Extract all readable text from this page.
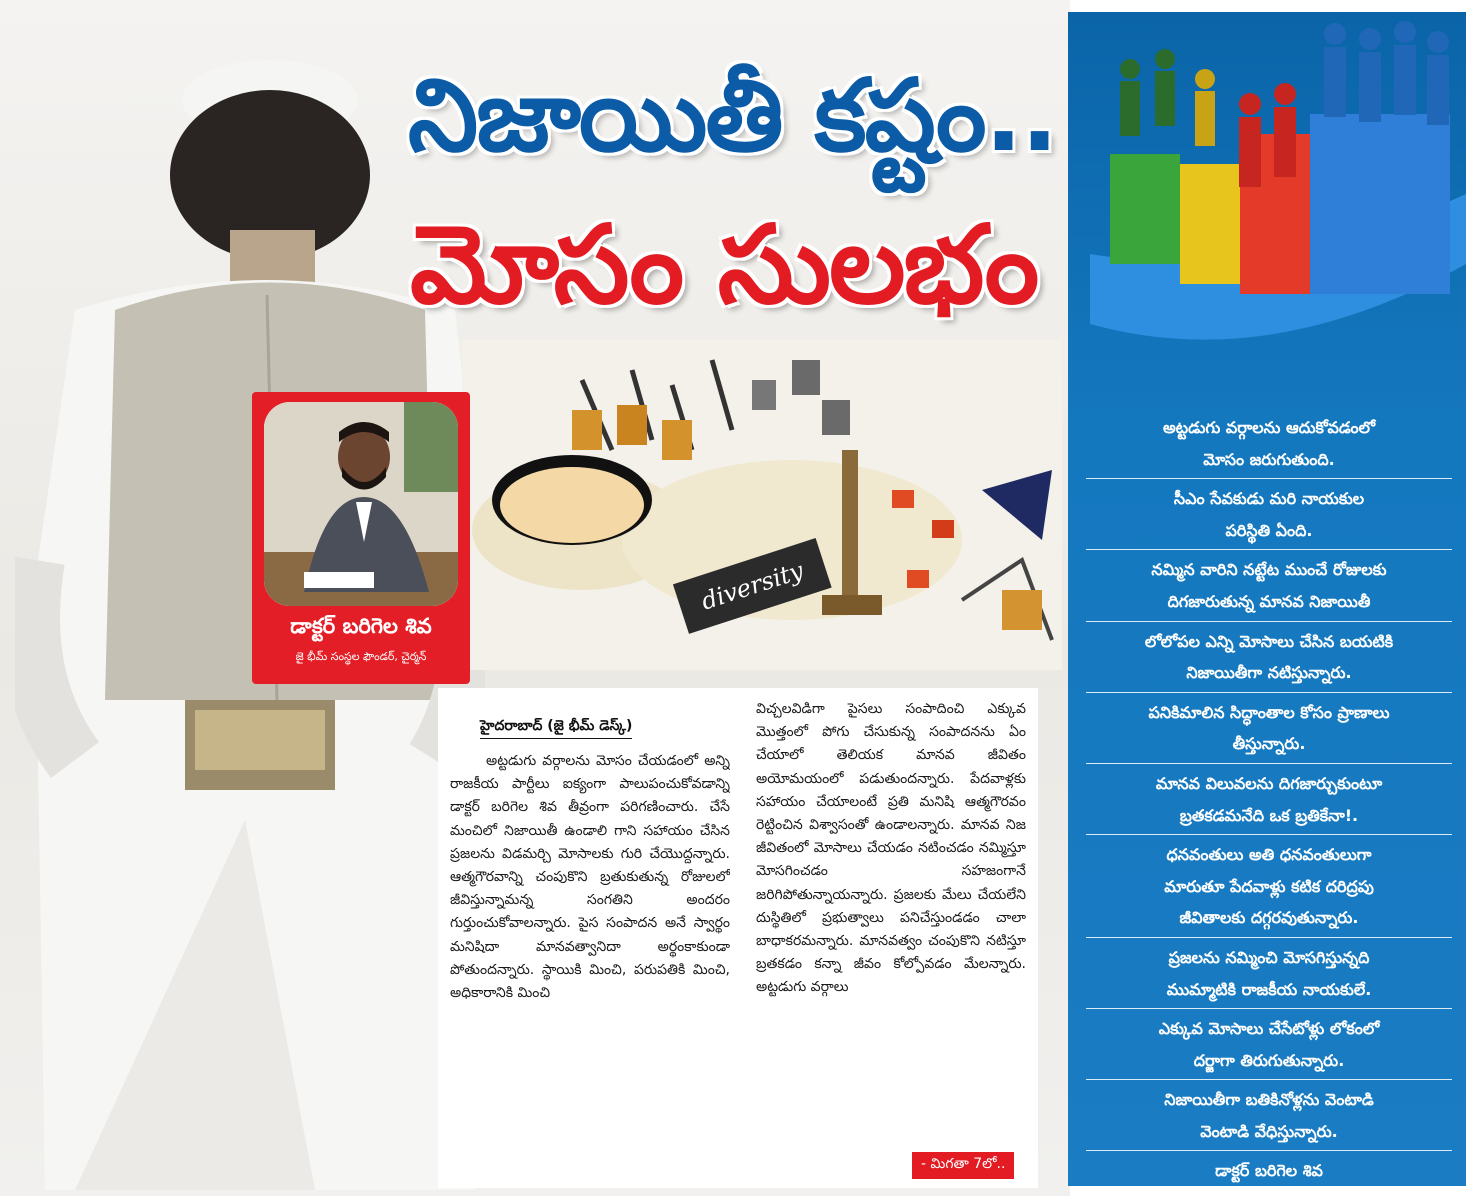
diversity
నిజాయితీ కష్టం..
మోసం సులభం
డాక్టర్ బరిగెల శివ
జై భీమ్ సంస్థల ఫౌండర్, చైర్మన్
హైదరాబాద్ (జై భీమ్ డెస్క్)
అట్టడుగు వర్గాలను మోసం చేయడంలో అన్ని రాజకీయ పార్టీలు ఐక్యంగా పాలుపంచుకోవడాన్ని డాక్టర్ బరిగెల శివ తీవ్రంగా పరిగణించారు. చేసే మంచిలో నిజాయితీ ఉండాలి గాని సహాయం చేసిన ప్రజలను విడమర్చి మోసాలకు గురి చేయొద్దన్నారు. ఆత్మగౌరవాన్ని చంపుకొని బ్రతుకుతున్న రోజులలో జీవిస్తున్నామన్న సంగతిని అందరం గుర్తుంచుకోవాలన్నారు. పైస సంపాదన అనే స్వార్థం మనిషిదా మానవత్వానిదా అర్థంకాకుండా పోతుందన్నారు. స్థాయికి మించి, పరుపతికి మించి, అధికారానికి మించి
విచ్చలవిడిగా పైసలు సంపాదించి ఎక్కువ మొత్తంలో పోగు చేసుకున్న సంపాదనను ఏం చేయాలో తెలియక మానవ జీవితం అయోమయంలో పడుతుందన్నారు. పేదవాళ్లకు సహాయం చేయాలంటే ప్రతి మనిషి ఆత్మగౌరవం రెట్టించిన విశ్వాసంతో ఉండాలన్నారు. మానవ నిజ జీవితంలో మోసాలు చేయడం నటించడం నమ్మిస్తూ మోసగించడం సహజంగానే జరిగిపోతున్నాయన్నారు. ప్రజలకు మేలు చేయలేని దుస్థితిలో ప్రభుత్వాలు పనిచేస్తుండడం చాలా బాధాకరమన్నారు. మానవత్వం చంపుకొని నటిస్తూ బ్రతకడం కన్నా జీవం కోల్పోవడం మేలన్నారు. అట్టడుగు వర్గాలు
- మిగతా 7లో..
అట్టడుగు వర్గాలను ఆదుకోవడంలో
మోసం జరుగుతుంది.
సీఎం సేవకుడు మరి నాయకుల
పరిస్థితి ఏంది.
నమ్మిన వారిని నట్టేట ముంచే రోజులకు
దిగజారుతున్న మానవ నిజాయితీ
లోలోపల ఎన్ని మోసాలు చేసిన బయటికి
నిజాయితీగా నటిస్తున్నారు.
పనికిమాలిన సిద్ధాంతాల కోసం ప్రాణాలు
తీస్తున్నారు.
మానవ విలువలను దిగజార్చుకుంటూ
బ్రతకడమనేది ఒక బ్రతికేనా!.
ధనవంతులు అతి ధనవంతులుగా
మారుతూ పేదవాళ్లు కటిక దరిద్రపు
జీవితాలకు దగ్గరవుతున్నారు.
ప్రజలను నమ్మించి మోసగిస్తున్నది
ముమ్మాటికి రాజకీయ నాయకులే.
ఎక్కువ మోసాలు చేసేటోళ్లు లోకంలో
దర్జాగా తిరుగుతున్నారు.
నిజాయితీగా బతికినోళ్లను వెంటాడి
వెంటాడి వేధిస్తున్నారు.
డాక్టర్ బరిగెల శివ
